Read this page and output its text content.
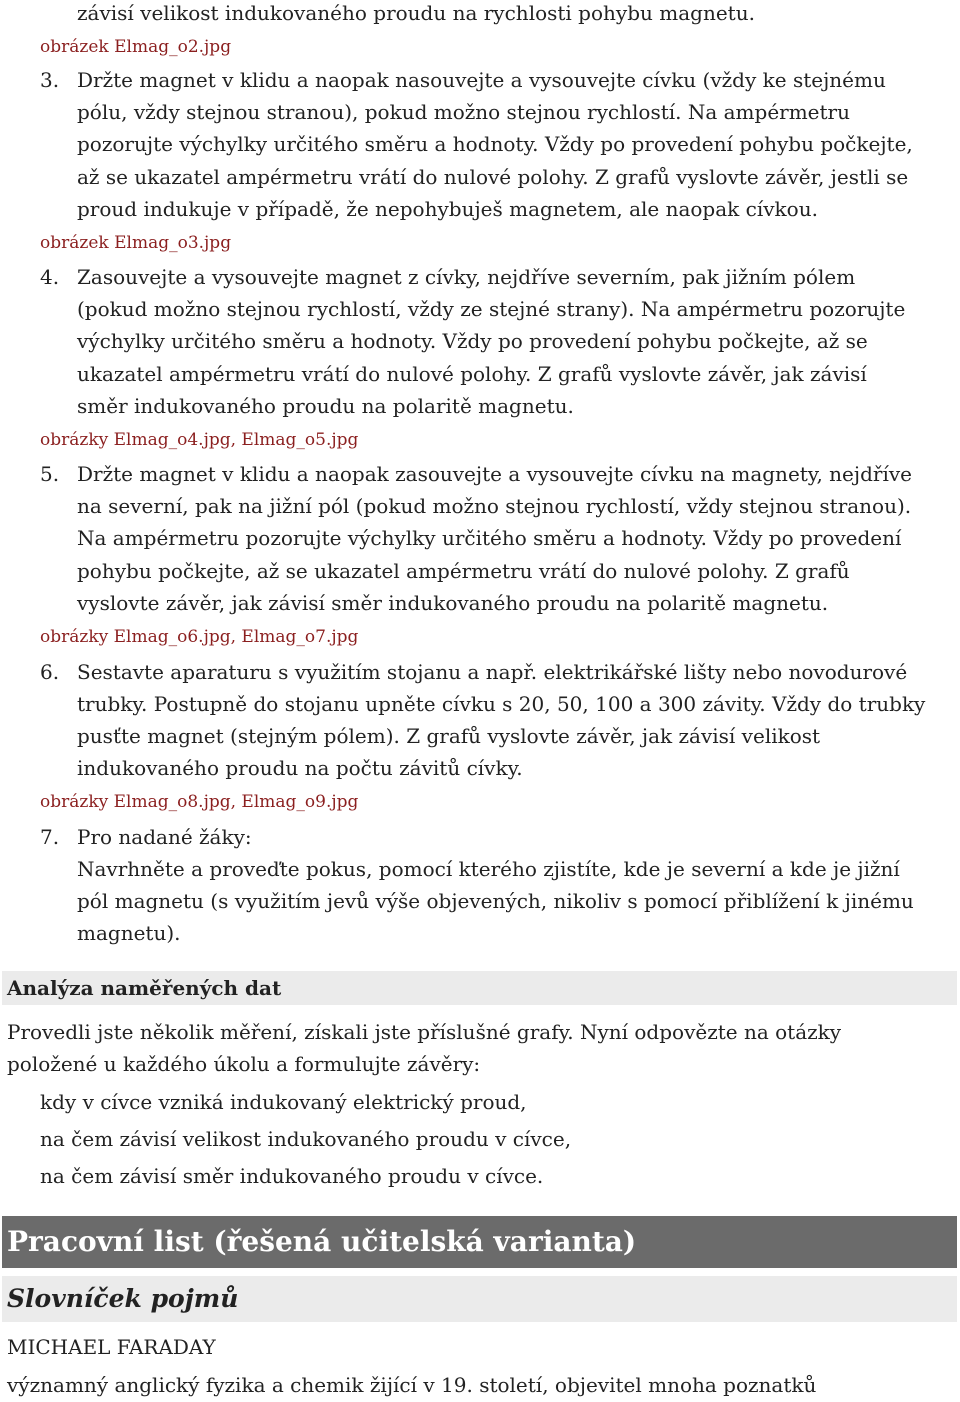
závisí velikost indukovaného proudu na rychlosti pohybu magnetu.

obrázek Elmag_o2.jpg

3. Držte magnet v klidu a naopak nasouvejte a vysouvejte cívku (vždy ke stejnému

pólu, vždy stejnou stranou), pokud možno stejnou rychlostí. Na ampérmetru

pozorujte výchylky určitého směru a hodnoty. Vždy po provedení pohybu počkejte,

až se ukazatel ampérmetru vrátí do nulové polohy. Z grafů vyslovte závěr, jestli se

proud indukuje v případě, že nepohybuješ magnetem, ale naopak cívkou.

obrázek Elmag_o3.jpg

4. Zasouvejte a vysouvejte magnet z cívky, nejdříve severním, pak jižním pólem

(pokud možno stejnou rychlostí, vždy ze stejné strany). Na ampérmetru pozorujte

výchylky určitého směru a hodnoty. Vždy po provedení pohybu počkejte, až se

ukazatel ampérmetru vrátí do nulové polohy. Z grafů vyslovte závěr, jak závisí

směr indukovaného proudu na polaritě magnetu.

obrázky Elmag_o4.jpg, Elmag_o5.jpg

5. Držte magnet v klidu a naopak zasouvejte a vysouvejte cívku na magnety, nejdříve

na severní, pak na jižní pól (pokud možno stejnou rychlostí, vždy stejnou stranou).

Na ampérmetru pozorujte výchylky určitého směru a hodnoty. Vždy po provedení

pohybu počkejte, až se ukazatel ampérmetru vrátí do nulové polohy. Z grafů

vyslovte závěr, jak závisí směr indukovaného proudu na polaritě magnetu.

obrázky Elmag_o6.jpg, Elmag_o7.jpg

6. Sestavte aparaturu s využitím stojanu a např. elektrikářské lišty nebo novodurové

trubky. Postupně do stojanu upněte cívku s 20, 50, 100 a 300 závity. Vždy do trubky

pusťte magnet (stejným pólem). Z grafů vyslovte závěr, jak závisí velikost

indukovaného proudu na počtu závitů cívky.

obrázky Elmag_o8.jpg, Elmag_o9.jpg

7. Pro nadané žáky:

Navrhněte a proveďte pokus, pomocí kterého zjistíte, kde je severní a kde je jižní

pól magnetu (s využitím jevů výše objevených, nikoliv s pomocí přiblížení k jinému

magnetu).

Analýza naměřených dat

Provedli jste několik měření, získali jste příslušné grafy. Nyní odpovězte na otázky

položené u každého úkolu a formulujte závěry:

kdy v cívce vzniká indukovaný elektrický proud,

na čem závisí velikost indukovaného proudu v cívce,

na čem závisí směr indukovaného proudu v cívce.

Pracovní list (řešená učitelská varianta)
Slovníček pojmů

MICHAEL FARADAY

významný anglický fyzika a chemik žijící v 19. století, objevitel mnoha poznatků
